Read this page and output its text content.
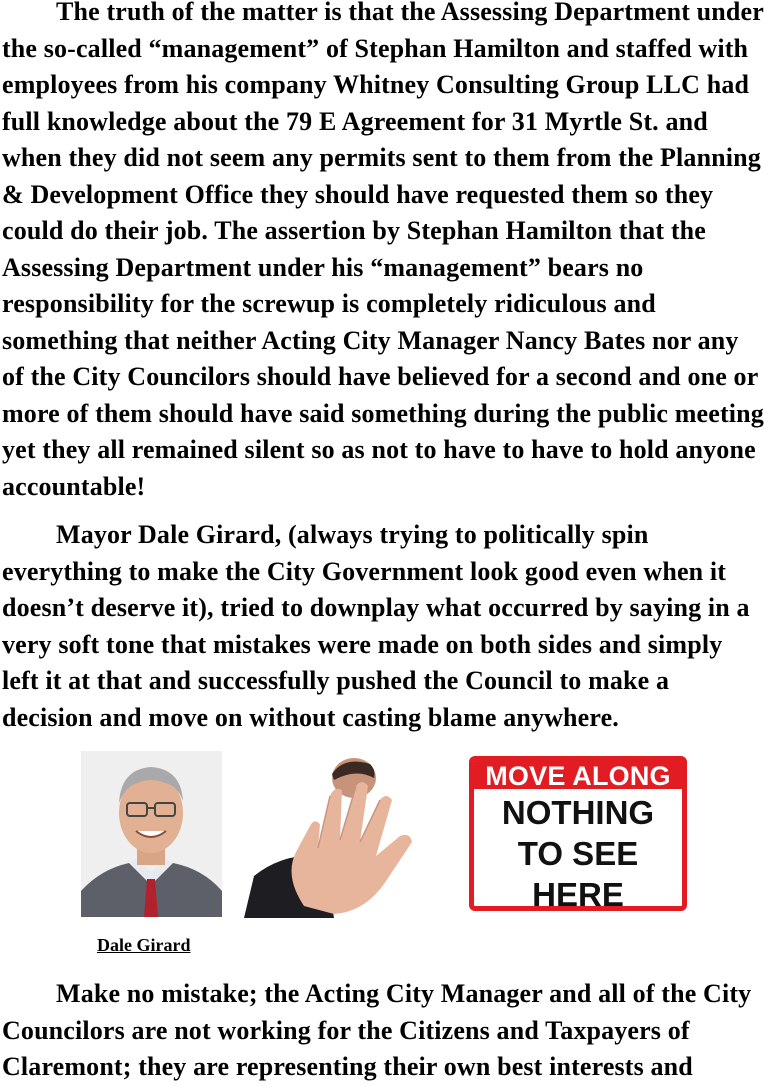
The truth of the matter is that the Assessing Department under the so-called “management” of Stephan Hamilton and staffed with employees from his company Whitney Consulting Group LLC had full knowledge about the 79 E Agreement for 31 Myrtle St. and when they did not seem any permits sent to them from the Planning & Development Office they should have requested them so they could do their job. The assertion by Stephan Hamilton that the Assessing Department under his “management” bears no responsibility for the screwup is completely ridiculous and something that neither Acting City Manager Nancy Bates nor any of the City Councilors should have believed for a second and one or more of them should have said something during the public meeting yet they all remained silent so as not to have to have to hold anyone accountable!

Mayor Dale Girard, (always trying to politically spin everything to make the City Government look good even when it doesn’t deserve it), tried to downplay what occurred by saying in a very soft tone that mistakes were made on both sides and simply left it at that and successfully pushed the Council to make a decision and move on without casting blame anywhere.

MOVE ALONG
NOTHING
TO SEE
HERE
Dale Girard

Make no mistake; the Acting City Manager and all of the City Councilors are not working for the Citizens and Taxpayers of Claremont; they are representing their own best interests and
